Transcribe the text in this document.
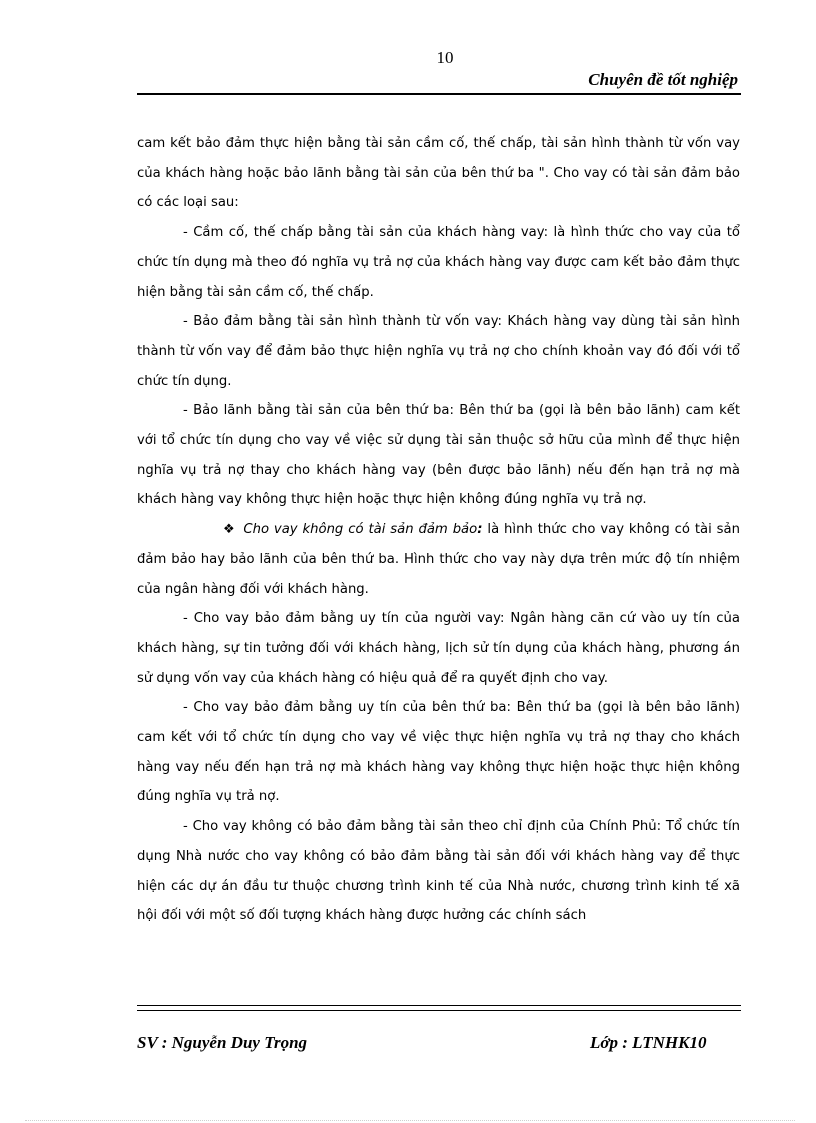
10
Chuyên đề tốt nghiệp

cam kết bảo đảm thực hiện bằng tài sản cầm cố, thế chấp, tài sản hình thành từ vốn vay của khách hàng hoặc bảo lãnh bằng tài sản của bên thứ ba ". Cho vay có tài sản đảm bảo có các loại sau:

- Cầm cố, thế chấp bằng tài sản của khách hàng vay: là hình thức cho vay của tổ chức tín dụng mà theo đó nghĩa vụ trả nợ của khách hàng vay được cam kết bảo đảm thực hiện bằng tài sản cầm cố, thế chấp.

- Bảo đảm bằng tài sản hình thành từ vốn vay: Khách hàng vay dùng tài sản hình thành từ vốn vay để đảm bảo thực hiện nghĩa vụ trả nợ cho chính khoản vay đó đối với tổ chức tín dụng.

- Bảo lãnh bằng tài sản của bên thứ ba: Bên thứ ba (gọi là bên bảo lãnh) cam kết với tổ chức tín dụng cho vay về việc sử dụng tài sản thuộc sở hữu của mình để thực hiện nghĩa vụ trả nợ thay cho khách hàng vay (bên được bảo lãnh) nếu đến hạn trả nợ mà khách hàng vay không thực hiện hoặc thực hiện không đúng nghĩa vụ trả nợ.

❖ Cho vay không có tài sản đảm bảo: là hình thức cho vay không có tài sản đảm bảo hay bảo lãnh của bên thứ ba. Hình thức cho vay này dựa trên mức độ tín nhiệm của ngân hàng đối với khách hàng.

- Cho vay bảo đảm bằng uy tín của người vay: Ngân hàng căn cứ vào uy tín của khách hàng, sự tin tưởng đối với khách hàng, lịch sử tín dụng của khách hàng, phương án sử dụng vốn vay của khách hàng có hiệu quả để ra quyết định cho vay.

- Cho vay bảo đảm bằng uy tín của bên thứ ba: Bên thứ ba (gọi là bên bảo lãnh) cam kết với tổ chức tín dụng cho vay về việc thực hiện nghĩa vụ trả nợ thay cho khách hàng vay nếu đến hạn trả nợ mà khách hàng vay không thực hiện hoặc thực hiện không đúng nghĩa vụ trả nợ.

- Cho vay không có bảo đảm bằng tài sản theo chỉ định của Chính Phủ: Tổ chức tín dụng Nhà nước cho vay không có bảo đảm bằng tài sản đối với khách hàng vay để thực hiện các dự án đầu tư thuộc chương trình kinh tế của Nhà nước, chương trình kinh tế xã hội đối với một số đối tượng khách hàng được hưởng các chính sách

SV : Nguyễn Duy Trọng	Lớp : LTNHK10
